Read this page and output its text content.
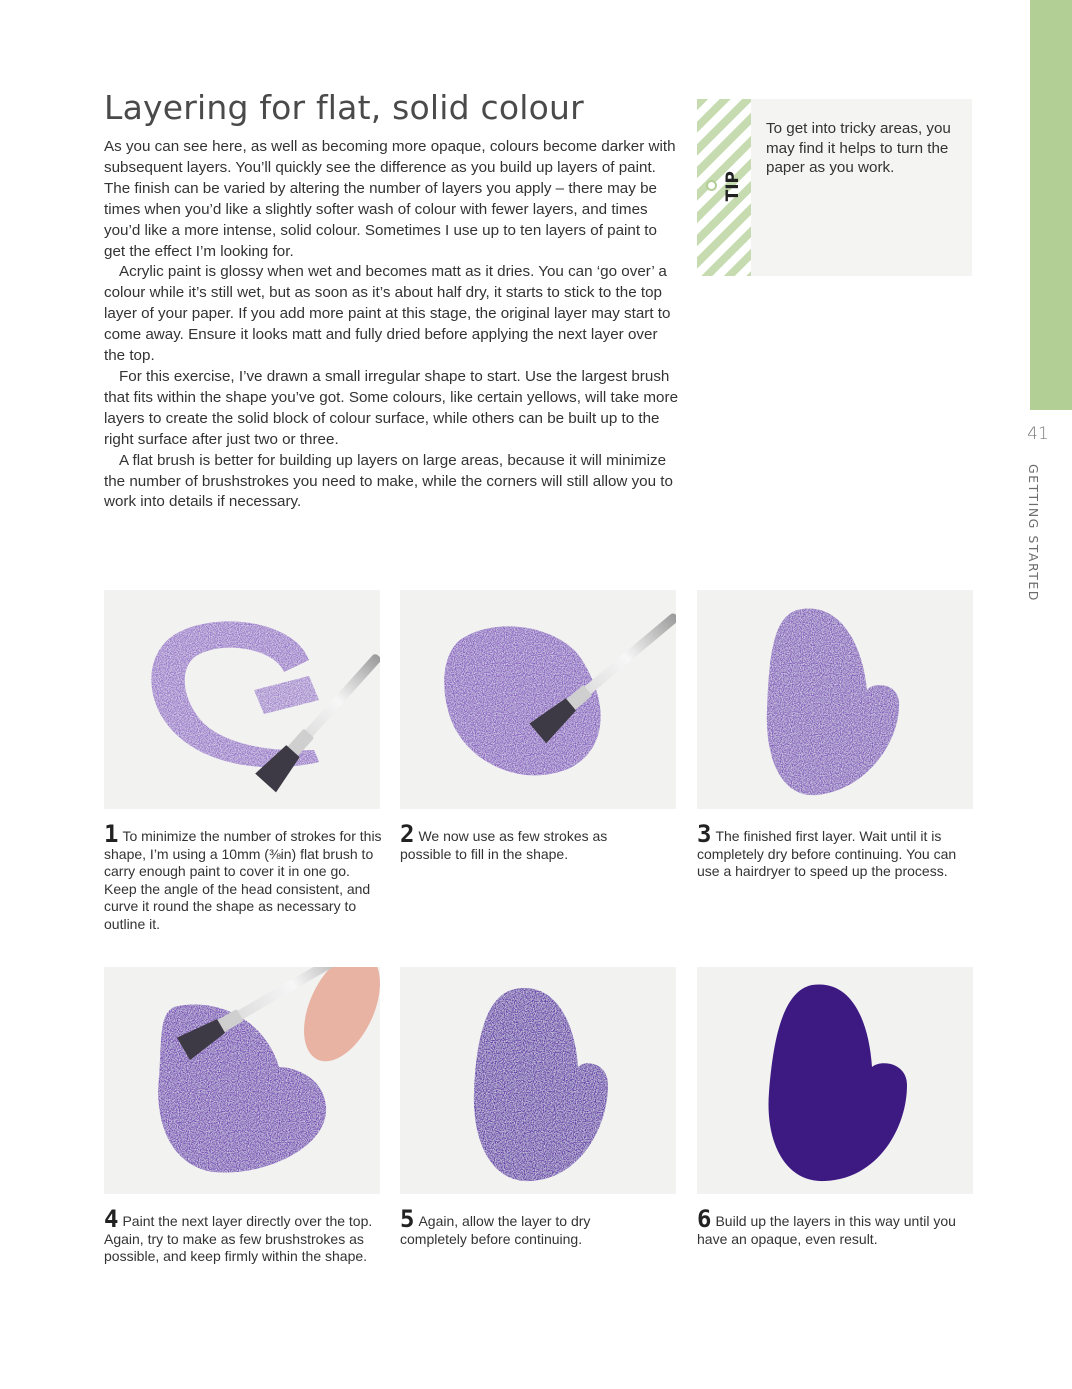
41
GETTING STARTED
Layering for flat, solid colour

As you can see here, as well as becoming more opaque, colours become darker with subsequent layers. You’ll quickly see the difference as you build up layers of paint. The finish can be varied by altering the number of layers you apply – there may be times when you’d like a slightly softer wash of colour with fewer layers, and times you’d like a more intense, solid colour. Sometimes I use up to ten layers of paint to get the effect I’m looking for.

Acrylic paint is glossy when wet and becomes matt as it dries. You can ‘go over’ a colour while it’s still wet, but as soon as it’s about half dry, it starts to stick to the top layer of your paper. If you add more paint at this stage, the original layer may start to come away. Ensure it looks matt and fully dried before applying the next layer over the top.

For this exercise, I’ve drawn a small irregular shape to start. Use the largest brush that fits within the shape you’ve got. Some colours, like certain yellows, will take more layers to create the solid block of colour surface, while others can be built up to the right surface after just two or three.

A flat brush is better for building up layers on large areas, because it will minimize the number of brushstrokes you need to make, while the corners will still allow you to work into details if necessary.

TIP
To get into tricky areas, you may find it helps to turn the paper as you work.
1 To minimize the number of strokes for this shape, I’m using a 10mm (⅜in) flat brush to carry enough paint to cover it in one go. Keep the angle of the head consistent, and curve it round the shape as necessary to outline it.
2 We now use as few strokes as possible to fill in the shape.
3 The finished first layer. Wait until it is completely dry before continuing. You can use a hairdryer to speed up the process.
4 Paint the next layer directly over the top. Again, try to make as few brushstrokes as possible, and keep firmly within the shape.
5 Again, allow the layer to dry completely before continuing.
6 Build up the layers in this way until you have an opaque, even result.
